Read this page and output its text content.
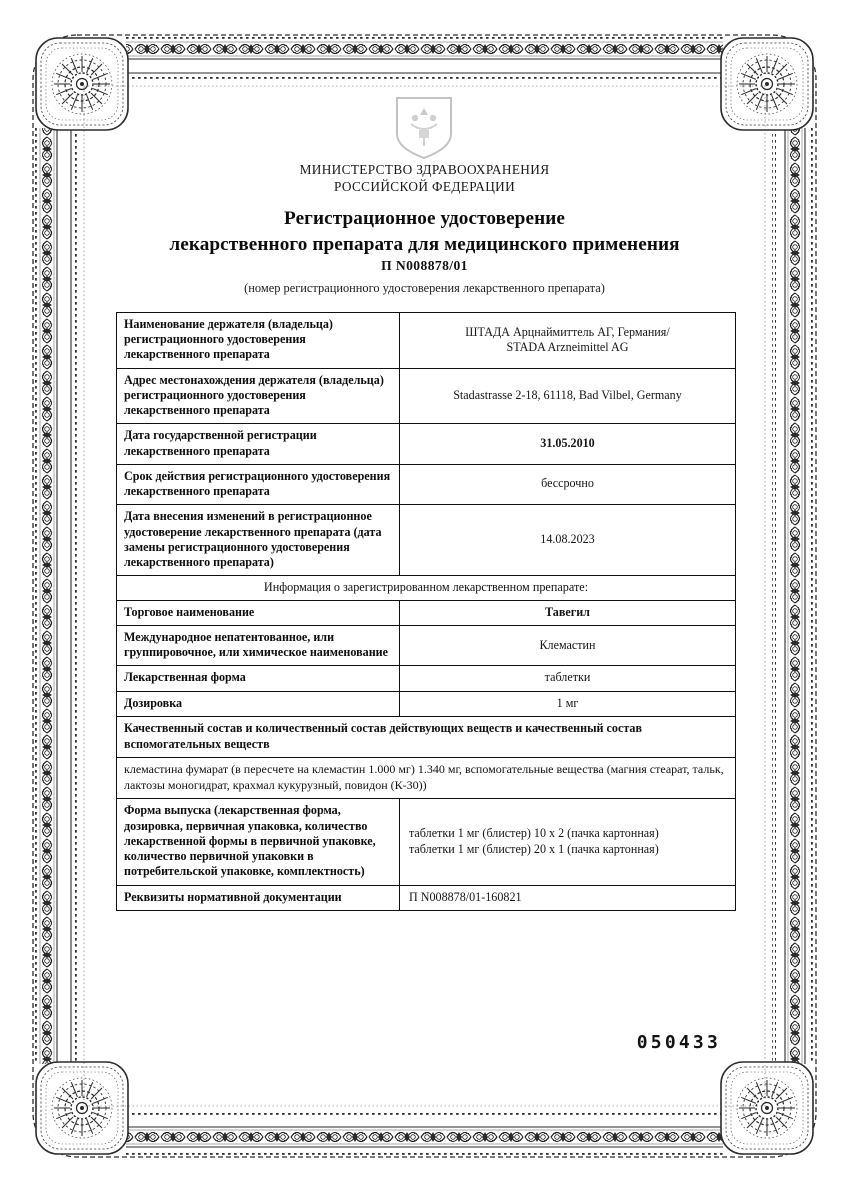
МИНИСТЕРСТВО ЗДРАВООХРАНЕНИЯ
РОССИЙСКОЙ ФЕДЕРАЦИИ
Регистрационное удостоверение
лекарственного препарата для медицинского применения
П N008878/01
(номер регистрационного удостоверения лекарственного препарата)
Наименование держателя (владельца) регистрационного удостоверения лекарственного препарата	ШТАДА Арцнаймиттель АГ, Германия/
STADA Arzneimittel AG

Адрес местонахождения держателя (владельца) регистрационного удостоверения лекарственного препарата	Stadastrasse 2-18, 61118, Bad Vilbel, Germany
Дата государственной регистрации лекарственного препарата	31.05.2010
Срок действия регистрационного удостоверения лекарственного препарата	бессрочно
Дата внесения изменений в регистрационное удостоверение лекарственного препарата (дата замены регистрационного удостоверения лекарственного препарата)	14.08.2023
Информация о зарегистрированном лекарственном препарате:	
Торговое наименование	Тавегил
Международное непатентованное, или группировочное, или химическое наименование	Клемастин
Лекарственная форма	таблетки
Дозировка	1 мг
Качественный состав и количественный состав действующих веществ и качественный состав вспомогательных веществ	
клемастина фумарат (в пересчете на клемастин 1.000 мг) 1.340 мг, вспомогательные вещества (магния стеарат, тальк, лактозы моногидрат, крахмал кукурузный, повидон (К-30))	
Форма выпуска (лекарственная форма, дозировка, первичная упаковка, количество лекарственной формы в первичной упаковке, количество первичной упаковки в потребительской упаковке, комплектность)	таблетки 1 мг (блистер) 10 х 2 (пачка картонная)
таблетки 1 мг (блистер) 20 х 1 (пачка картонная)

Реквизиты нормативной документации	П N008878/01-160821
050433
